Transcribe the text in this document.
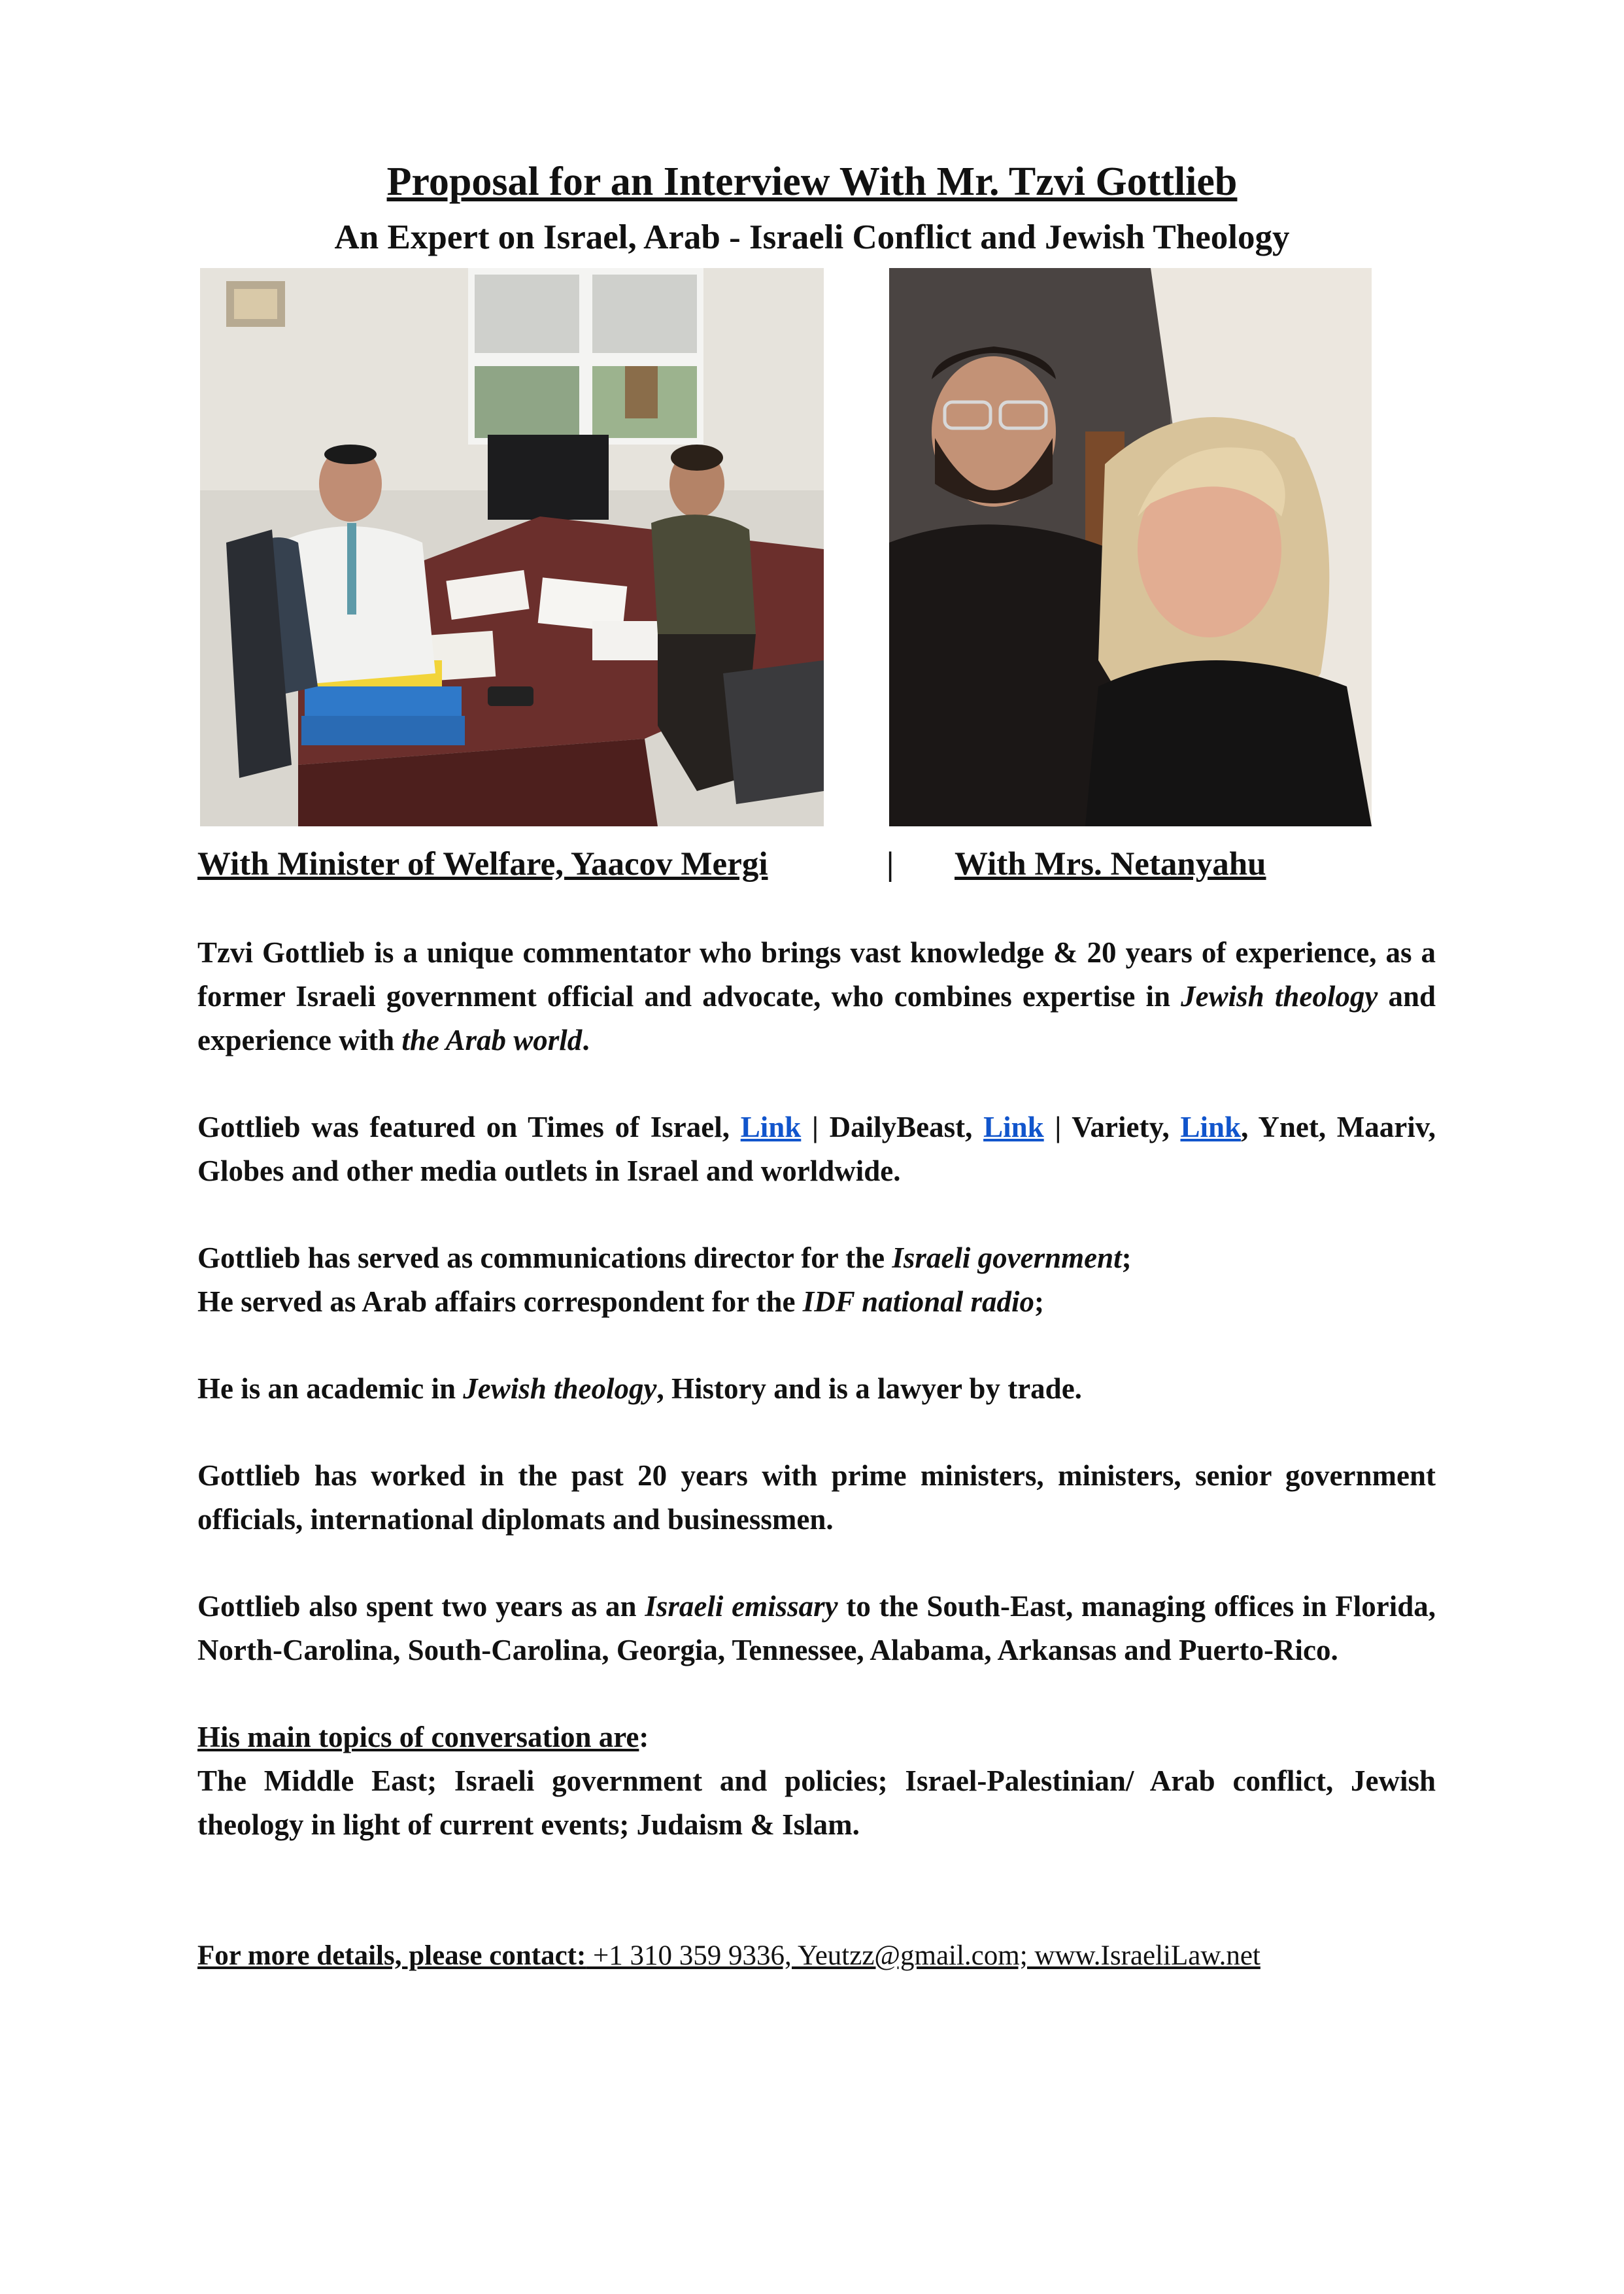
Proposal for an Interview With Mr. Tzvi Gottlieb
An Expert on Israel, Arab - Israeli Conflict and Jewish Theology
With Minister of Welfare, Yaacov Mergi	| With Mrs. Netanyahu

Tzvi Gottlieb is a unique commentator who brings vast knowledge & 20 years of experience, as a former Israeli government official and advocate, who combines expertise in Jewish theology and experience with the Arab world.

Gottlieb was featured on Times of Israel, Link | DailyBeast, Link | Variety, Link, Ynet, Maariv, Globes and other media outlets in Israel and worldwide.

Gottlieb has served as communications director for the Israeli government;
He served as Arab affairs correspondent for the IDF national radio;

He is an academic in Jewish theology, History and is a lawyer by trade.

Gottlieb has worked in the past 20 years with prime ministers, ministers, senior government officials, international diplomats and businessmen.

Gottlieb also spent two years as an Israeli emissary to the South-East, managing offices in Florida, North-Carolina, South-Carolina, Georgia, Tennessee, Alabama, Arkansas and Puerto-Rico.

His main topics of conversation are:
The Middle East; Israeli government and policies; Israel-Palestinian/ Arab conflict, Jewish theology in light of current events; Judaism & Islam.

For more details, please contact: +1 310 359 9336, Yeutzz@gmail.com; www.IsraeliLaw.net
